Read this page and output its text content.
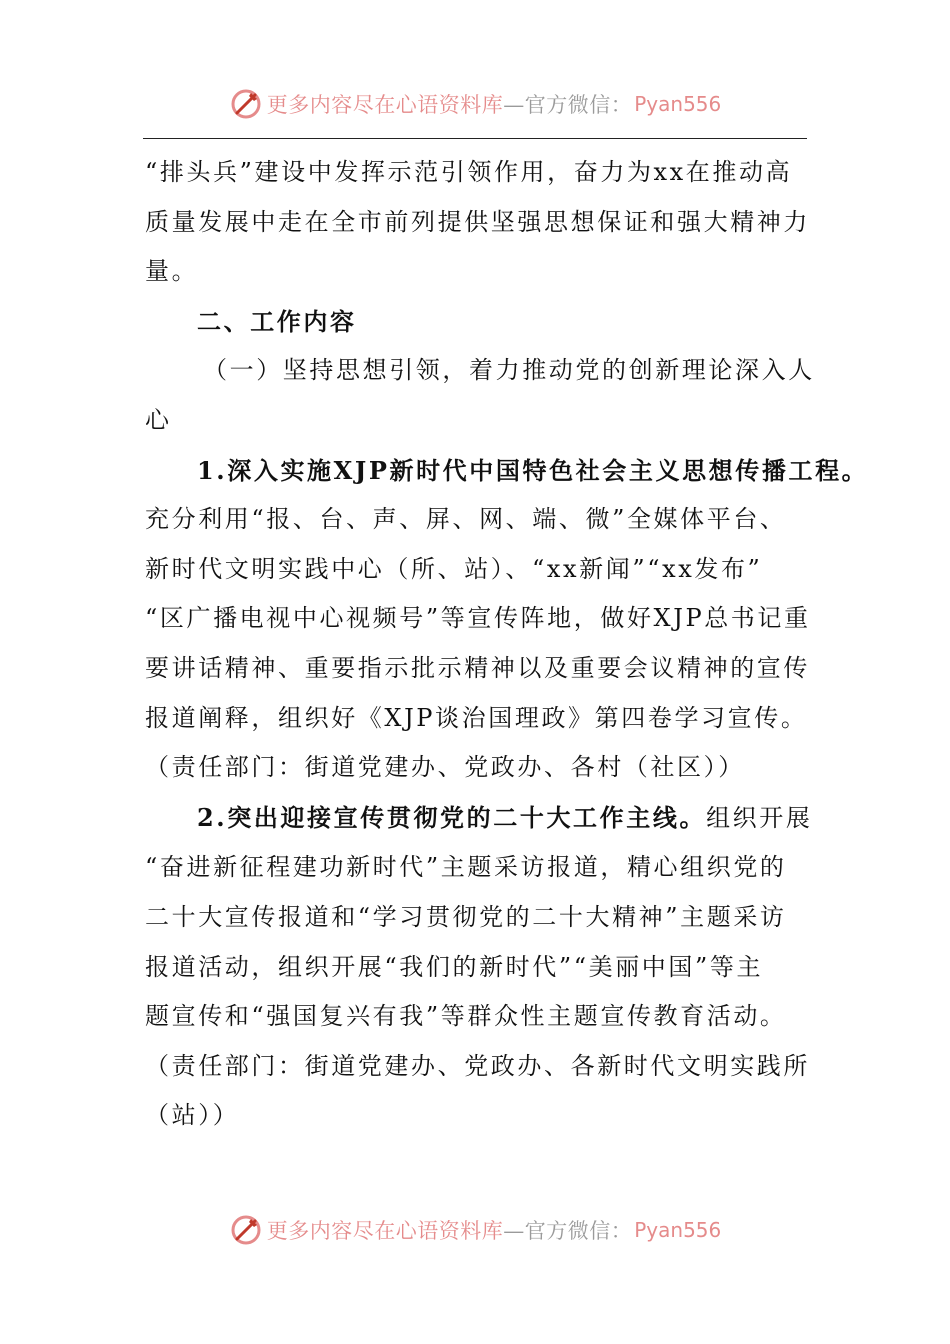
更多内容尽在心语资料库 —官方微信： Pyan556

“排头兵”建设中发挥示范引领作用，奋力为xx在推动高

质量发展中走在全市前列提供坚强思想保证和强大精神力

量。

二、工作内容

（一）坚持思想引领，着力推动党的创新理论深入人

心

1.深入实施XJP新时代中国特色社会主义思想传播工程。

充分利用“报、台、声、屏、网、端、微”全媒体平台、

新时代文明实践中心（所、站）、“xx新闻”“xx发布”

“区广播电视中心视频号”等宣传阵地，做好XJP总书记重

要讲话精神、重要指示批示精神以及重要会议精神的宣传

报道阐释，组织好《XJP谈治国理政》第四卷学习宣传。

（责任部门：街道党建办、党政办、各村（社区））

2.突出迎接宣传贯彻党的二十大工作主线。组织开展

“奋进新征程建功新时代”主题采访报道，精心组织党的

二十大宣传报道和“学习贯彻党的二十大精神”主题采访

报道活动，组织开展“我们的新时代”“美丽中国”等主

题宣传和“强国复兴有我”等群众性主题宣传教育活动。

（责任部门：街道党建办、党政办、各新时代文明实践所

（站））

更多内容尽在心语资料库 —官方微信： Pyan556
